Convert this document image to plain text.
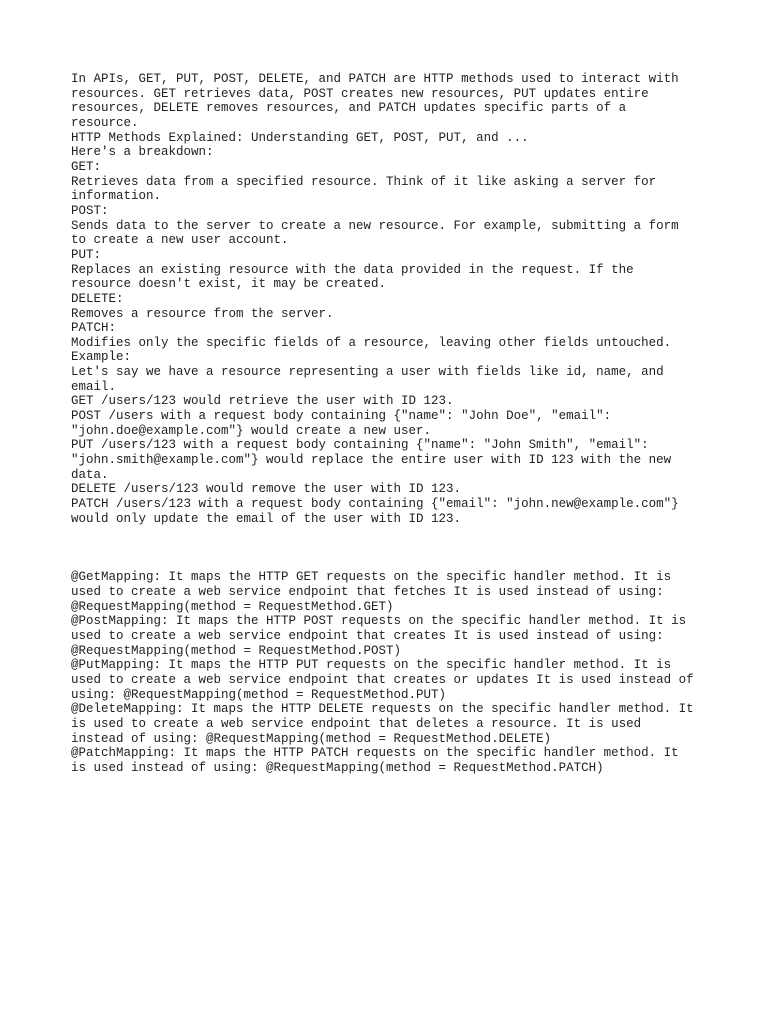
In APIs, GET, PUT, POST, DELETE, and PATCH are HTTP methods used to interact with
resources. GET retrieves data, POST creates new resources, PUT updates entire
resources, DELETE removes resources, and PATCH updates specific parts of a
resource.
HTTP Methods Explained: Understanding GET, POST, PUT, and ...
Here's a breakdown:
GET:
Retrieves data from a specified resource. Think of it like asking a server for
information.
POST:
Sends data to the server to create a new resource. For example, submitting a form
to create a new user account.
PUT:
Replaces an existing resource with the data provided in the request. If the
resource doesn't exist, it may be created.
DELETE:
Removes a resource from the server.
PATCH:
Modifies only the specific fields of a resource, leaving other fields untouched.
Example:
Let's say we have a resource representing a user with fields like id, name, and
email.
GET /users/123 would retrieve the user with ID 123.
POST /users with a request body containing {"name": "John Doe", "email":
"john.doe@example.com"} would create a new user.
PUT /users/123 with a request body containing {"name": "John Smith", "email":
"john.smith@example.com"} would replace the entire user with ID 123 with the new
data.
DELETE /users/123 would remove the user with ID 123.
PATCH /users/123 with a request body containing {"email": "john.new@example.com"}
would only update the email of the user with ID 123.
@GetMapping: It maps the HTTP GET requests on the specific handler method. It is
used to create a web service endpoint that fetches It is used instead of using:
@RequestMapping(method = RequestMethod.GET)
@PostMapping: It maps the HTTP POST requests on the specific handler method. It is
used to create a web service endpoint that creates It is used instead of using:
@RequestMapping(method = RequestMethod.POST)
@PutMapping: It maps the HTTP PUT requests on the specific handler method. It is
used to create a web service endpoint that creates or updates It is used instead of
using: @RequestMapping(method = RequestMethod.PUT)
@DeleteMapping: It maps the HTTP DELETE requests on the specific handler method. It
is used to create a web service endpoint that deletes a resource. It is used
instead of using: @RequestMapping(method = RequestMethod.DELETE)
@PatchMapping: It maps the HTTP PATCH requests on the specific handler method. It
is used instead of using: @RequestMapping(method = RequestMethod.PATCH)
